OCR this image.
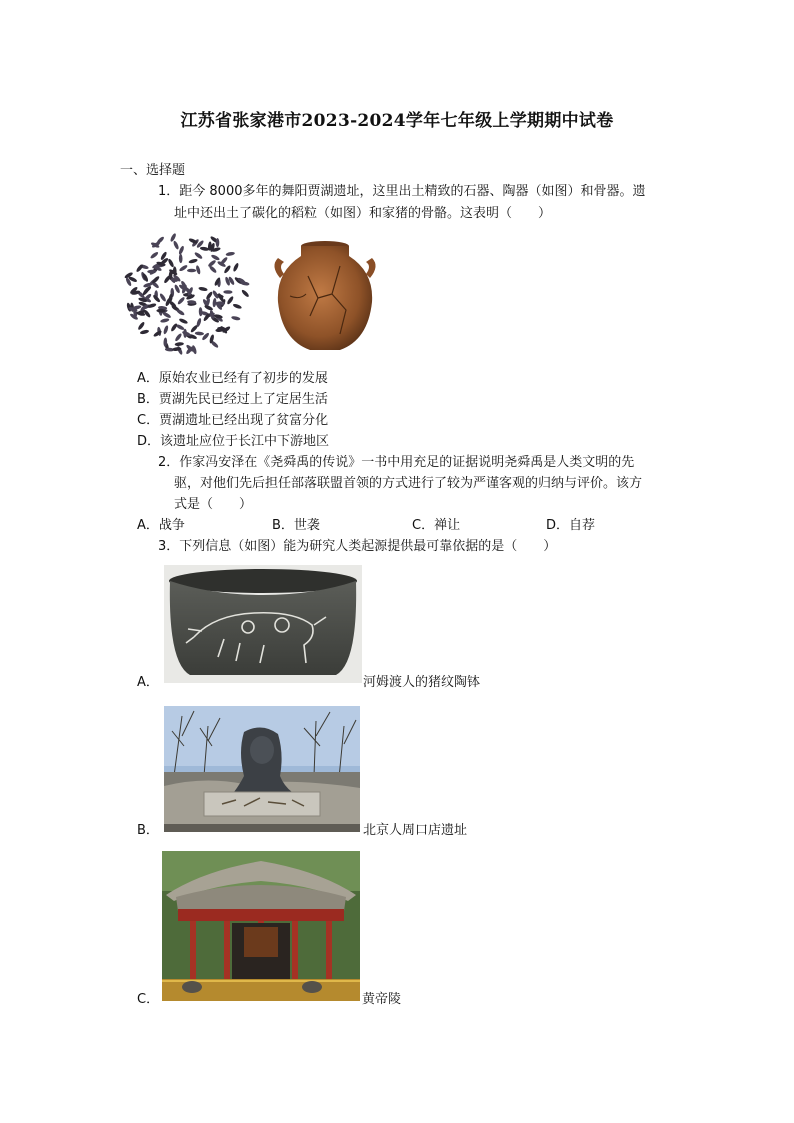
江苏省张家港市2023-2024学年七年级上学期期中试卷
一、选择题
1．距今 8000多年的舞阳贾湖遗址，这里出土精致的石器、陶器（如图）和骨器。遗
址中还出土了碳化的稻粒（如图）和家猪的骨骼。这表明（　　）
A．原始农业已经有了初步的发展
B．贾湖先民已经过上了定居生活
C．贾湖遗址已经出现了贫富分化
D．该遗址应位于长江中下游地区
2．作家冯安泽在《尧舜禹的传说》一书中用充足的证据说明尧舜禹是人类文明的先
驱，对他们先后担任部落联盟首领的方式进行了较为严谨客观的归纳与评价。该方
式是（　　）
A．战争	B．世袭	C．禅让	D．自荐
3．下列信息（如图）能为研究人类起源提供最可靠依据的是（　　）
A．	河姆渡人的猪纹陶钵
B．	北京人周口店遗址
C．	黄帝陵
